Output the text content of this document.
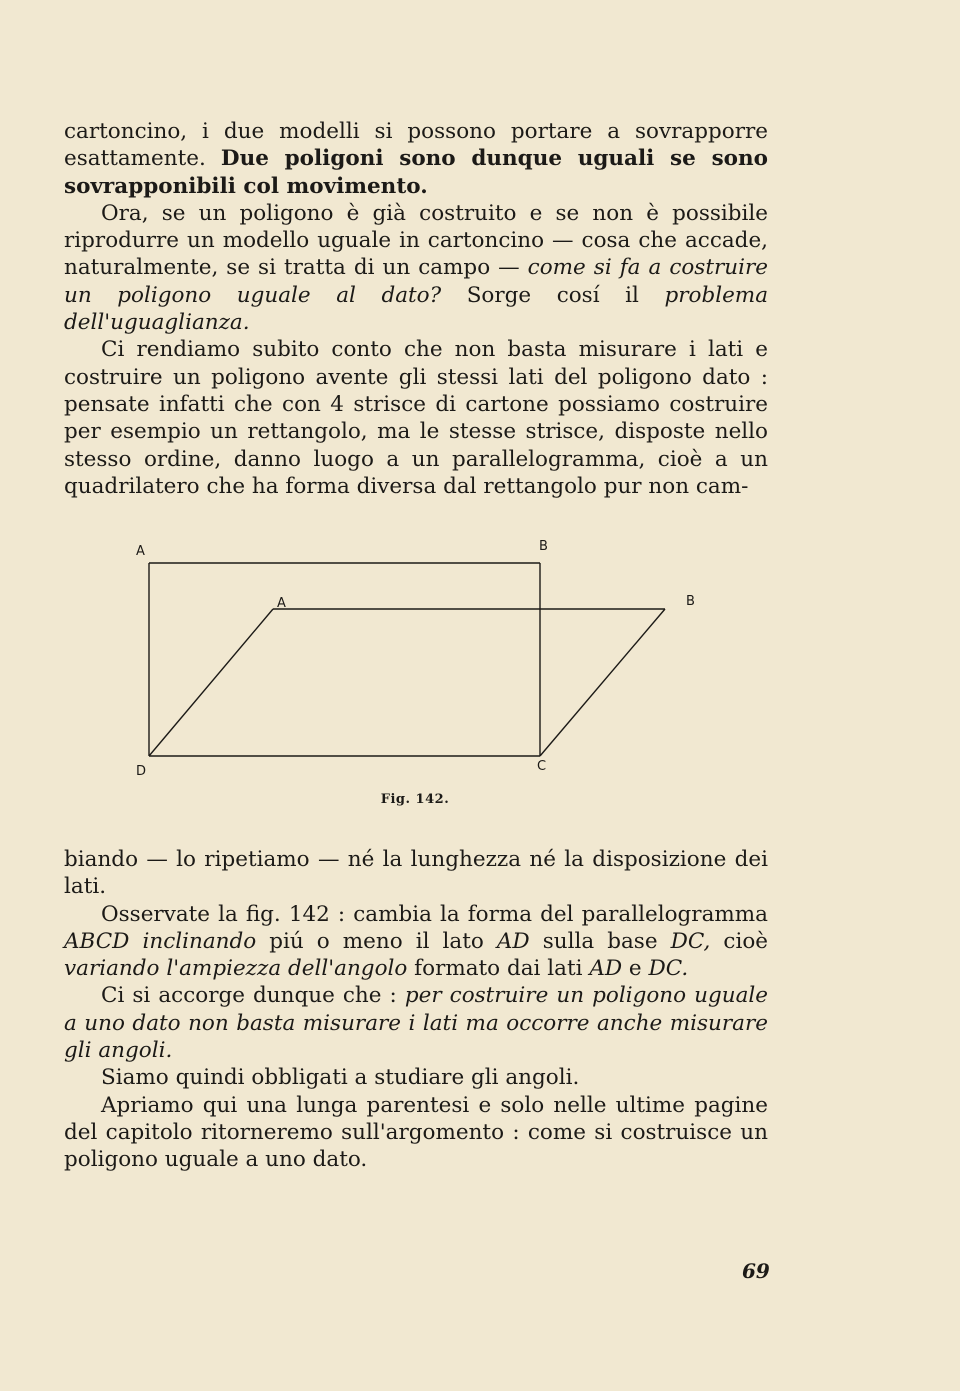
cartoncino, i due modelli si possono portare a sovrapporre esattamente. Due poligoni sono dunque uguali se sono sovrapponibili col movimento.

Ora, se un poligono è già costruito e se non è possibile riprodurre un modello uguale in cartoncino — cosa che accade, naturalmente, se si tratta di un campo — come si fa a costruire un poligono uguale al dato? Sorge cosí il problema dell'uguaglianza.

Ci rendiamo subito conto che non basta misurare i lati e costruire un poligono avente gli stessi lati del poligono dato : pensate infatti che con 4 strisce di cartone possiamo costruire per esempio un rettangolo, ma le stesse strisce, disposte nello stesso ordine, danno luogo a un parallelogramma, cioè a un quadrilatero che ha forma diversa dal rettangolo pur non cam-

A	B
A	B
D	C
Fig. 142.

biando — lo ripetiamo — né la lunghezza né la disposizione dei lati.

Osservate la fig. 142 : cambia la forma del parallelogramma ABCD inclinando piú o meno il lato AD sulla base DC, cioè variando l'ampiezza dell'angolo formato dai lati AD e DC.

Ci si accorge dunque che : per costruire un poligono uguale a uno dato non basta misurare i lati ma occorre anche misurare gli angoli.

Siamo quindi obbligati a studiare gli angoli.

Apriamo qui una lunga parentesi e solo nelle ultime pagine del capitolo ritorneremo sull'argomento : come si costruisce un poligono uguale a uno dato.

69
